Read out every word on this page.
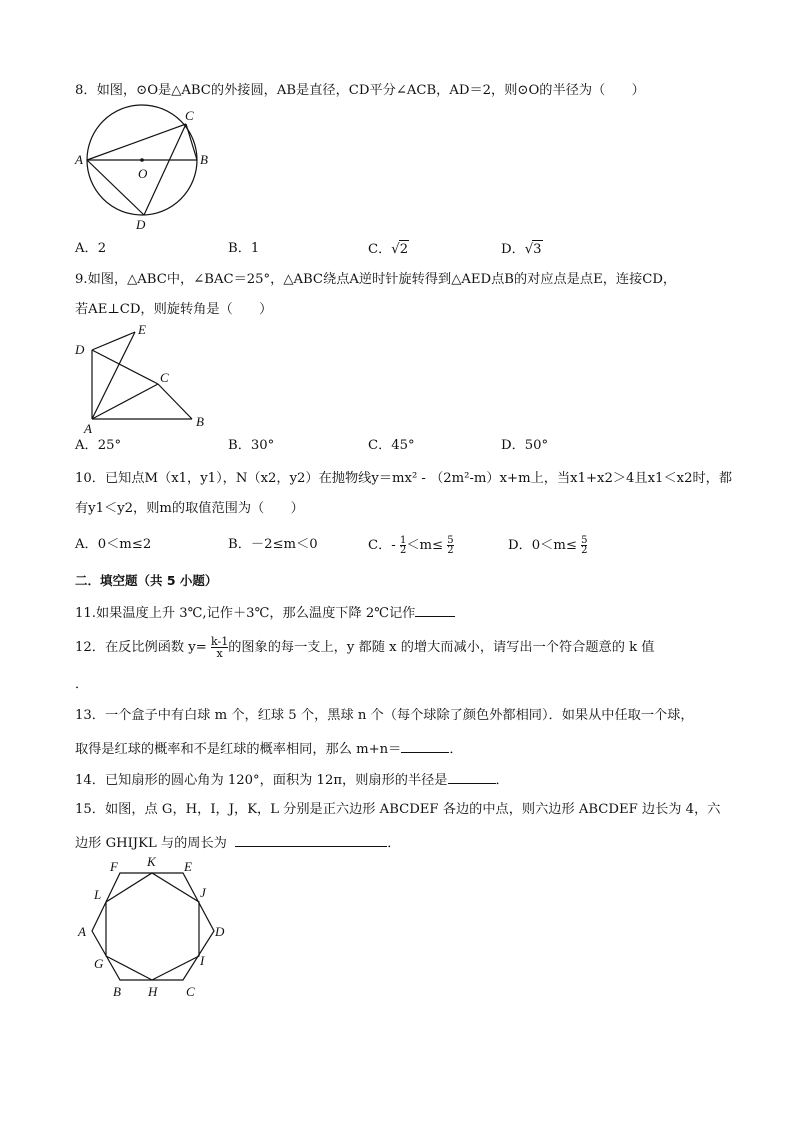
8．如图，⊙O是△ABC的外接圆，AB是直径，CD平分∠ACB，AD＝2，则⊙O的半径为（　　）
A	B
C
D
O
A．2	B．1	C．√2	D．√3
9.如图，△ABC中，∠BAC＝25°，△ABC绕点A逆时针旋转得到△AED点B的对应点是点E，连接CD，
若AE⊥CD，则旋转角是（　　）
D
E
C
A	B
A．25°	B．30°	C．45°	D．50°
10．已知点M（x1，y1），N（x2，y2）在抛物线y＝mx² - （2m²-m）x+m上，当x1+x2＞4且x1＜x2时，都
有y1＜y2，则m的取值范围为（　　）
A．0＜m≤2	B．－2≤m＜0	C．- $\frac{1}{2} <m\le \frac{5}{2}$	D．$0<m\le \frac{5}{2}$
二．填空题（共 5 小题）
11.如果温度上升 3℃,记作＋3℃，那么温度下降 2℃记作
12．在反比例函数 $y= \frac{k-1}{x}$ 的图象的每一支上，y 都随 x 的增大而减小，请写出一个符合题意的 k 值
．
13．一个盒子中有白球 m 个，红球 5 个，黑球 n 个（每个球除了颜色外都相同）．如果从中任取一个球，
取得是红球的概率和不是红球的概率相同，那么 m+n＝	．
14．已知扇形的圆心角为 120°，面积为 12π，则扇形的半径是	．
15．如图，点 G，H，I，J，K，L 分别是正六边形 ABCDEF 各边的中点，则六边形 ABCDEF 边长为 4，六
边形 GHIJKL 与的周长为	．
A
B	C
D
E
F
G
H
I
J
K
L
